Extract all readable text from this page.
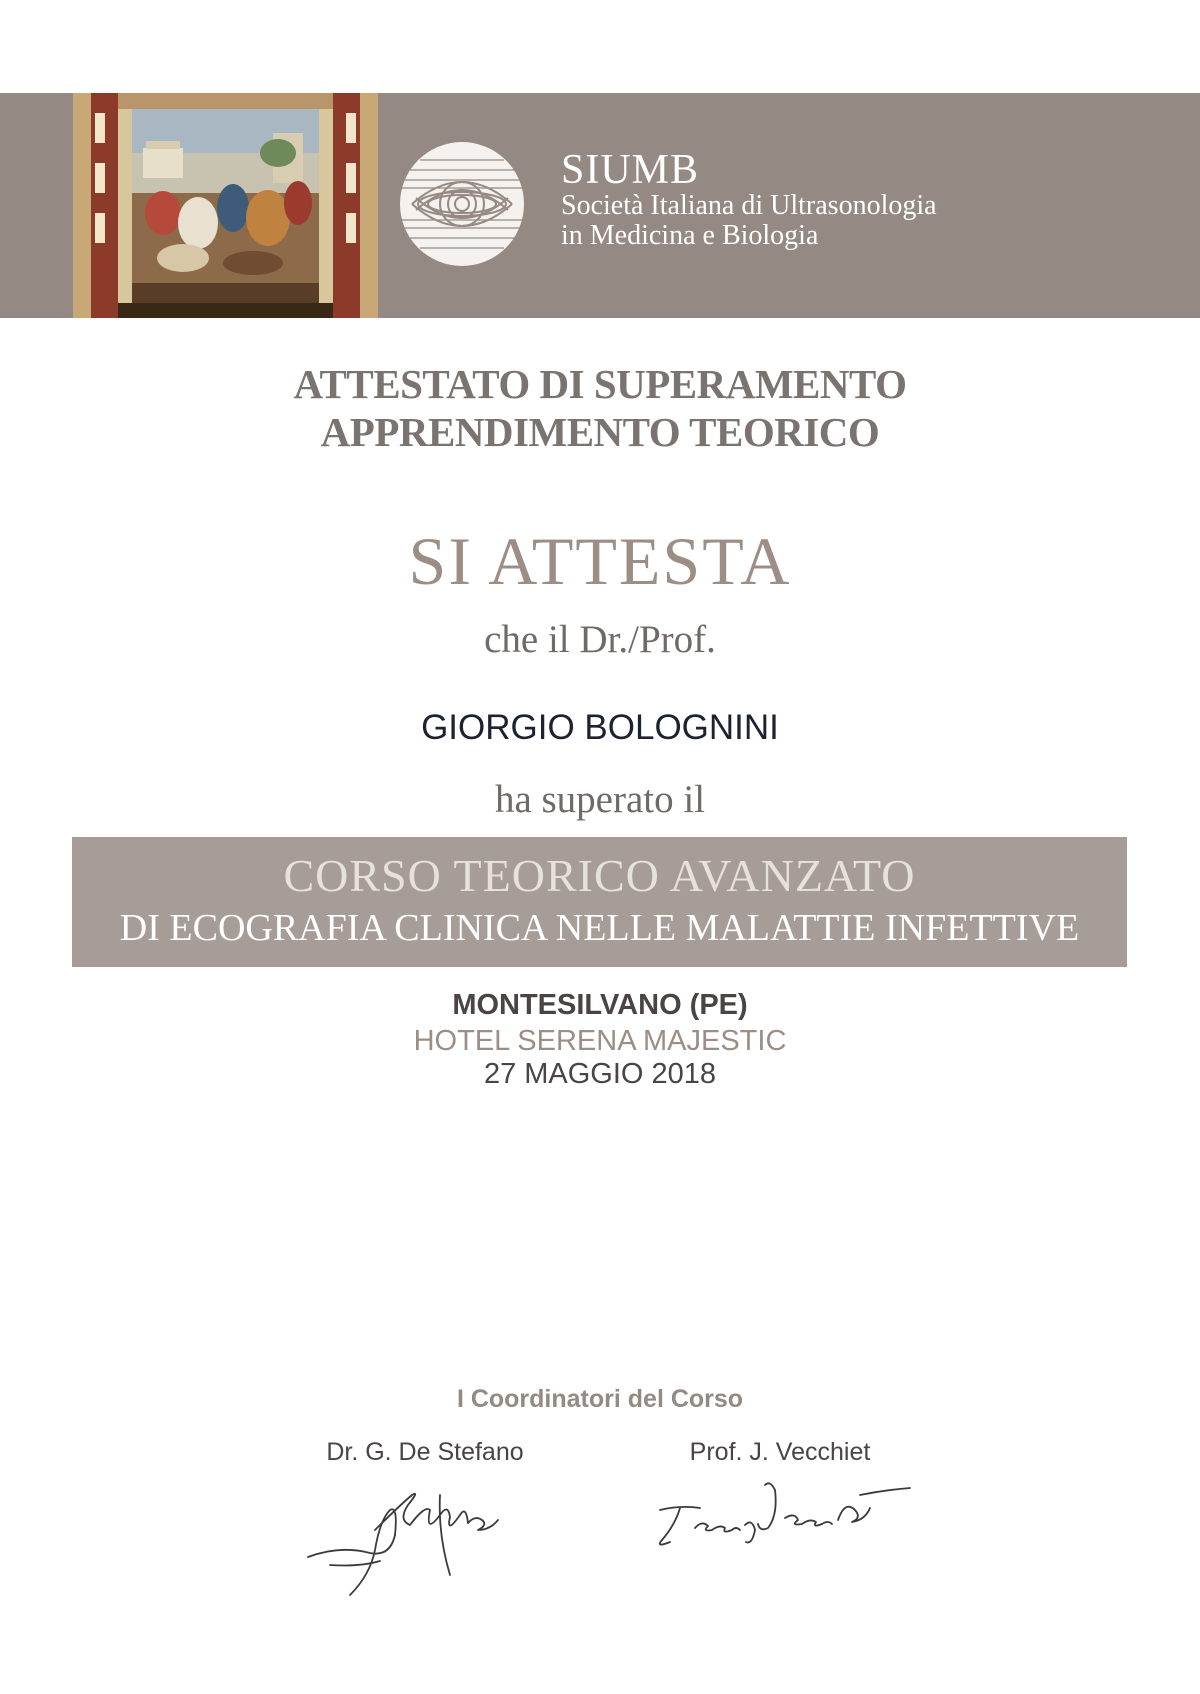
SIUMB
Società Italiana di Ultrasonologia
in Medicina e Biologia
ATTESTATO DI SUPERAMENTO
APPRENDIMENTO TEORICO
SI ATTESTA
che il Dr./Prof.
GIORGIO BOLOGNINI
ha superato il
CORSO TEORICO AVANZATO
DI ECOGRAFIA CLINICA NELLE MALATTIE INFETTIVE
MONTESILVANO (PE)
HOTEL SERENA MAJESTIC
27 MAGGIO 2018
I Coordinatori del Corso
Dr. G. De Stefano	Prof. J. Vecchiet
